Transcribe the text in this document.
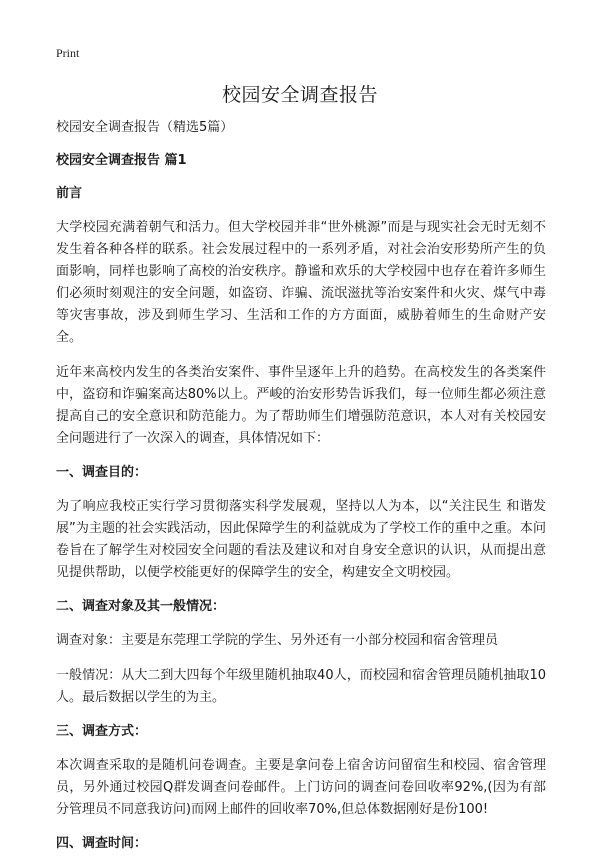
Print
校园安全调查报告

校园安全调查报告（精选5篇）

校园安全调查报告 篇1

前言

大学校园充满着朝气和活力。但大学校园并非“世外桃源”而是与现实社会无时无刻不发生着各种各样的联系。社会发展过程中的一系列矛盾，对社会治安形势所产生的负面影响，同样也影响了高校的治安秩序。静谧和欢乐的大学校园中也存在着许多师生们必须时刻观注的安全问题，如盗窃、诈骗、流氓滋扰等治安案件和火灾、煤气中毒等灾害事故，涉及到师生学习、生活和工作的方方面面，威胁着师生的生命财产安全。

近年来高校内发生的各类治安案件、事件呈逐年上升的趋势。在高校发生的各类案件中，盗窃和诈骗案高达80%以上。严峻的治安形势告诉我们，每一位师生都必须注意提高自己的安全意识和防范能力。为了帮助师生们增强防范意识，本人对有关校园安全问题进行了一次深入的调查，具体情况如下：

一、调查目的：

为了响应我校正实行学习贯彻落实科学发展观，坚持以人为本，以“关注民生 和谐发展”为主题的社会实践活动，因此保障学生的利益就成为了学校工作的重中之重。本问卷旨在了解学生对校园安全问题的看法及建议和对自身安全意识的认识，从而提出意见提供帮助，以便学校能更好的保障学生的安全，构建安全文明校园。

二、调查对象及其一般情况：

调查对象：主要是东莞理工学院的学生、另外还有一小部分校园和宿舍管理员

一般情况：从大二到大四每个年级里随机抽取40人，而校园和宿舍管理员随机抽取10人。最后数据以学生的为主。

三、调查方式：

本次调查采取的是随机问卷调查。主要是拿问卷上宿舍访问留宿生和校园、宿舍管理员，另外通过校园Q群发调查问卷邮件。上门访问的调查问卷回收率92%,(因为有部分管理员不同意我访问)而网上邮件的回收率70%,但总体数据刚好是份100!

四、调查时间：
